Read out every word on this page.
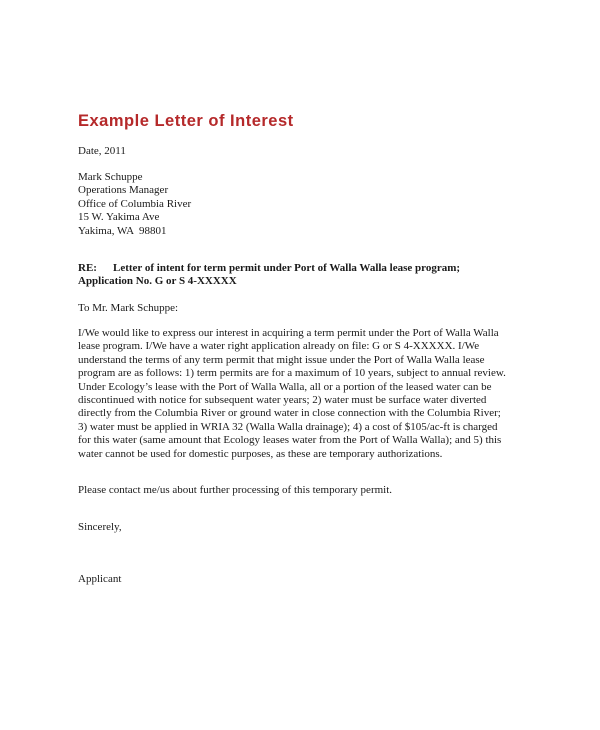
Example Letter of Interest
Date, 2011
Mark Schuppe
Operations Manager
Office of Columbia River
15 W. Yakima Ave
Yakima, WA  98801
RE: Letter of intent for term permit under Port of Walla Walla lease program;
Application No. G or S 4-XXXXX
To Mr. Mark Schuppe:
I/We would like to express our interest in acquiring a term permit under the Port of Walla Walla
lease program. I/We have a water right application already on file: G or S 4-XXXXX. I/We
understand the terms of any term permit that might issue under the Port of Walla Walla lease
program are as follows: 1) term permits are for a maximum of 10 years, subject to annual review.
Under Ecology’s lease with the Port of Walla Walla, all or a portion of the leased water can be
discontinued with notice for subsequent water years; 2) water must be surface water diverted
directly from the Columbia River or ground water in close connection with the Columbia River;
3) water must be applied in WRIA 32 (Walla Walla drainage); 4) a cost of $105/ac-ft is charged
for this water (same amount that Ecology leases water from the Port of Walla Walla); and 5) this
water cannot be used for domestic purposes, as these are temporary authorizations.
Please contact me/us about further processing of this temporary permit.
Sincerely,
Applicant
